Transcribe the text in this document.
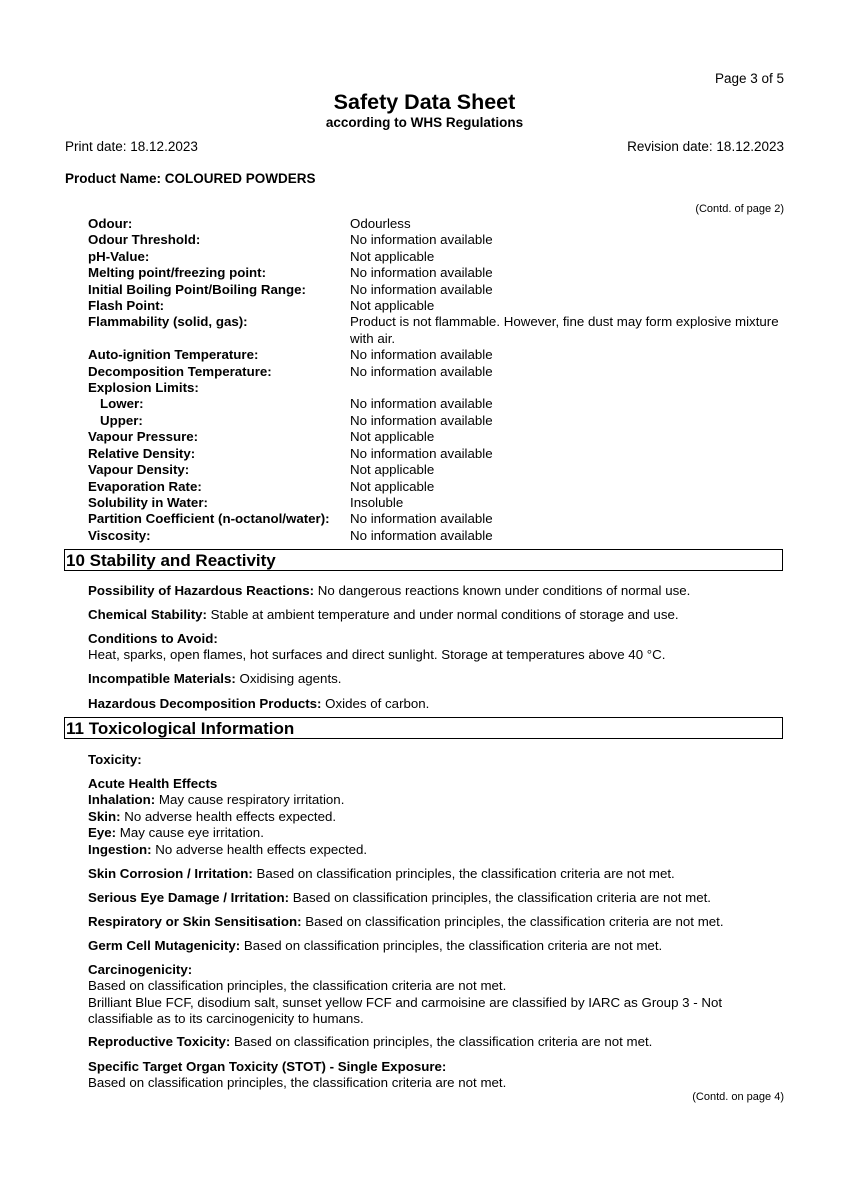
Page 3 of 5
Safety Data Sheet
according to WHS Regulations
Print date: 18.12.2023	Revision date: 18.12.2023
Product Name: COLOURED POWDERS
(Contd. of page 2)
Odour:	Odourless
Odour Threshold:	No information available
pH-Value:	Not applicable
Melting point/freezing point:	No information available
Initial Boiling Point/Boiling Range:	No information available
Flash Point:	Not applicable
Flammability (solid, gas):	Product is not flammable. However, fine dust may form explosive mixture with air.
Auto-ignition Temperature:	No information available
Decomposition Temperature:	No information available
Explosion Limits:
Lower:	No information available
Upper:	No information available
Vapour Pressure:	Not applicable
Relative Density:	No information available
Vapour Density:	Not applicable
Evaporation Rate:	Not applicable
Solubility in Water:	Insoluble
Partition Coefficient (n-octanol/water):	No information available
Viscosity:	No information available
10 Stability and Reactivity
Possibility of Hazardous Reactions: No dangerous reactions known under conditions of normal use.
Chemical Stability: Stable at ambient temperature and under normal conditions of storage and use.
Conditions to Avoid:
Heat, sparks, open flames, hot surfaces and direct sunlight. Storage at temperatures above 40 °C.
Incompatible Materials: Oxidising agents.
Hazardous Decomposition Products: Oxides of carbon.
11 Toxicological Information
Toxicity:
Acute Health Effects
Inhalation: May cause respiratory irritation.
Skin: No adverse health effects expected.
Eye: May cause eye irritation.
Ingestion: No adverse health effects expected.
Skin Corrosion / Irritation: Based on classification principles, the classification criteria are not met.
Serious Eye Damage / Irritation: Based on classification principles, the classification criteria are not met.
Respiratory or Skin Sensitisation: Based on classification principles, the classification criteria are not met.
Germ Cell Mutagenicity: Based on classification principles, the classification criteria are not met.
Carcinogenicity:
Based on classification principles, the classification criteria are not met.
Brilliant Blue FCF, disodium salt, sunset yellow FCF and carmoisine are classified by IARC as Group 3 - Not classifiable as to its carcinogenicity to humans.
Reproductive Toxicity: Based on classification principles, the classification criteria are not met.
Specific Target Organ Toxicity (STOT) - Single Exposure:
Based on classification principles, the classification criteria are not met.
(Contd. on page 4)
